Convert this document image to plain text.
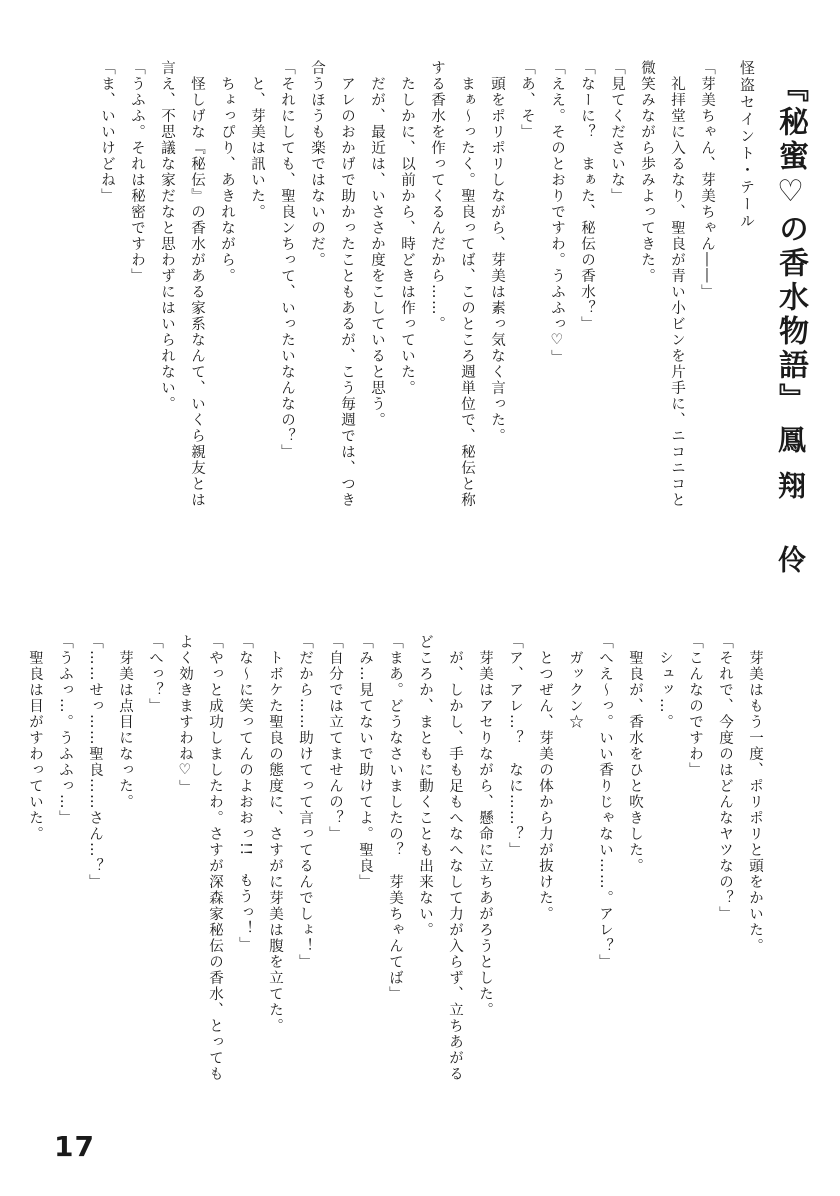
怪盗セイント・テール 『秘蜜♡の香水物語』
鳳翔 伶
「芽美ちゃん、芽美ちゃん――」
　礼拝堂に入るなり、聖良が青い小ビンを片手に、ニコニコと
微笑みながら歩みよってきた。
「見てくださいな」
「なーに？　まぁた、秘伝の香水？」
「ええ。そのとおりですわ。うふふっ♡」
「あ、そ」
　頭をポリポリしながら、芽美は素っ気なく言った。
　まぁ～ったく。聖良ってば、このところ週単位で、秘伝と称
する香水を作ってくるんだから……。
　たしかに、以前から、時どきは作っていた。
　だが、最近は、いささか度をこしていると思う。
　アレのおかげで助かったこともあるが、こう毎週では、つき
合うほうも楽ではないのだ。
「それにしても、聖良ンちって、いったいなんなの？」
　と、芽美は訊いた。
　ちょっぴり、あきれながら。
　怪しげな『秘伝』の香水がある家系なんて、いくら親友とは
言え、不思議な家だなと思わずにはいられない。
「うふふ。それは秘密ですわ」
「ま、いいけどね」
　芽美はもう一度、ポリポリと頭をかいた。
「それで、今度のはどんなヤツなの？」
「こんなのですわ」
　シュッ…。
　聖良が、香水をひと吹きした。
「へえ～っ。いい香りじゃない……。アレ？」
　ガックン☆
　とつぜん、芽美の体から力が抜けた。
「ア、アレ…？　なに……？」
　芽美はアセりながら、懸命に立ちあがろうとした。
　が、しかし、手も足もへなへなして力が入らず、立ちあがる
どころか、まともに動くことも出来ない。
「まあ。どうなさいましたの？　芽美ちゃんてば」
「み…見てないで助けてよ。聖良」
「自分では立てませんの？」
「だから……助けてって言ってるんでしょ！」
　トボケた聖良の態度に、さすがに芽美は腹を立てた。
「な～に笑ってんのよおおっ!!　もうっ！」
「やっと成功しましたわ。さすが深森家秘伝の香水、とっても
よく効きますわね♡」
「へっ？」
　芽美は点目になった。
「……せっ……聖良……さん…？」
「うふっ…。うふふっ…」
　聖良は目がすわっていた。
17
